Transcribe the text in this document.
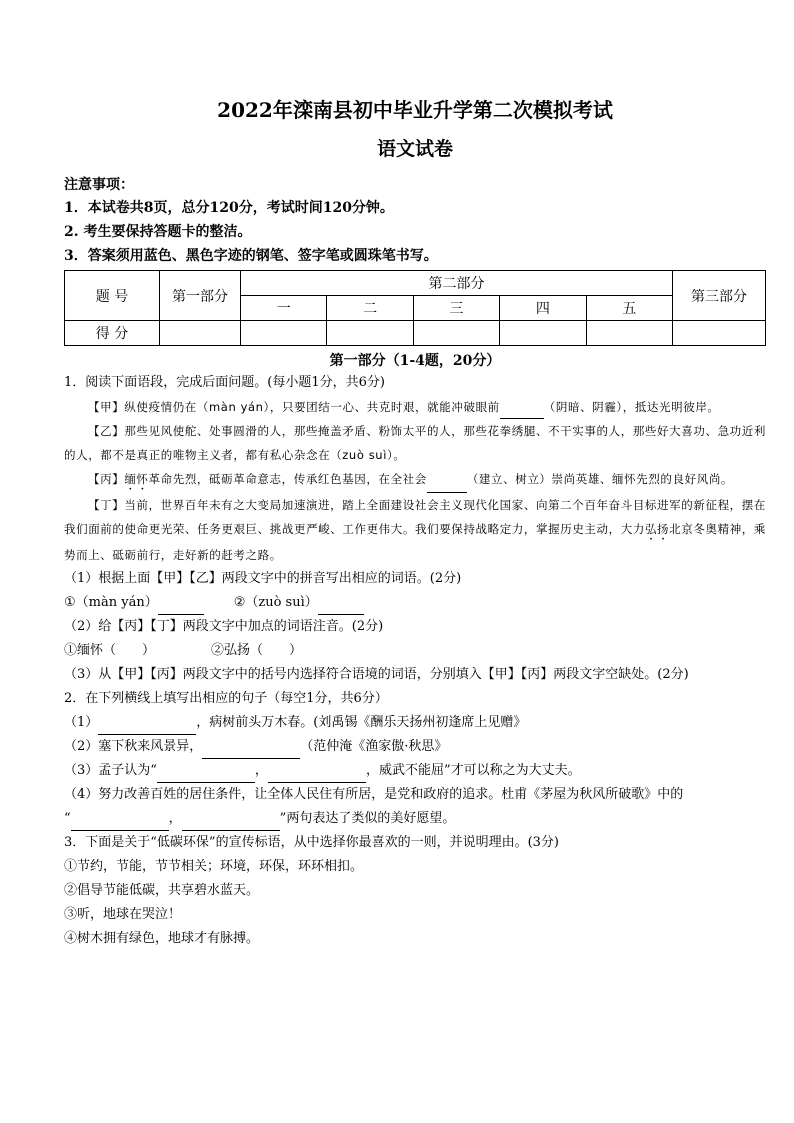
2022年滦南县初中毕业升学第二次模拟考试

语文试卷

注意事项：

1．本试卷共8页，总分120分，考试时间120分钟。

2. 考生要保持答题卡的整洁。

3．答案须用蓝色、黑色字迹的钢笔、签字笔或圆珠笔书写。

题 号	第一部分	第二部分					第三部分
		一	二	三	四	五	
得 分							
第一部分（1-4题，20分）

1．阅读下面语段，完成后面问题。(每小题1分，共6分)

【甲】纵使疫情仍在（màn yán），只要团结一心、共克时艰，就能冲破眼前	（阴暗、阴霾），抵达光明彼岸。

【乙】那些见风使舵、处事圆滑的人，那些掩盖矛盾、粉饰太平的人，那些花拳绣腿、不干实事的人，那些好大喜功、急功近利的人，都不是真正的唯物主义者，都有私心杂念在（zuò suì）。

【丙】缅怀革命先烈，砥砺革命意志，传承红色基因，在全社会	（建立、树立）崇尚英雄、缅怀先烈的良好风尚。

【丁】当前，世界百年未有之大变局加速演进，踏上全面建设社会主义现代化国家、向第二个百年奋斗目标进军的新征程，摆在我们面前的使命更光荣、任务更艰巨、挑战更严峻、工作更伟大。我们要保持战略定力，掌握历史主动，大力弘扬北京冬奥精神，乘势而上、砥砺前行，走好新的赶考之路。

（1）根据上面【甲】【乙】两段文字中的拼音写出相应的词语。(2分)

①（màn yán）	②（zuò suì）

（2）给【丙】【丁】两段文字中加点的词语注音。(2分)

①缅怀（　　）	②弘扬（　　）

（3）从【甲】【丙】两段文字中的括号内选择符合语境的词语，分别填入【甲】【丙】两段文字空缺处。(2分)

2．在下列横线上填写出相应的句子（每空1分，共6分）

（1）	，病树前头万木春。(刘禹锡《酬乐天扬州初逢席上见赠》

（2）塞下秋来风景异，	（范仲淹《渔家傲·秋思》

（3）孟子认为“	，	，威武不能屈”才可以称之为大丈夫。

（4）努力改善百姓的居住条件，让全体人民住有所居，是党和政府的追求。杜甫《茅屋为秋风所破歌》中的

“	，	”两句表达了类似的美好愿望。

3．下面是关于“低碳环保”的宣传标语，从中选择你最喜欢的一则，并说明理由。(3分)

①节约，节能，节节相关；环境，环保，环环相扣。

②倡导节能低碳，共享碧水蓝天。

③听，地球在哭泣！

④树木拥有绿色，地球才有脉搏。
